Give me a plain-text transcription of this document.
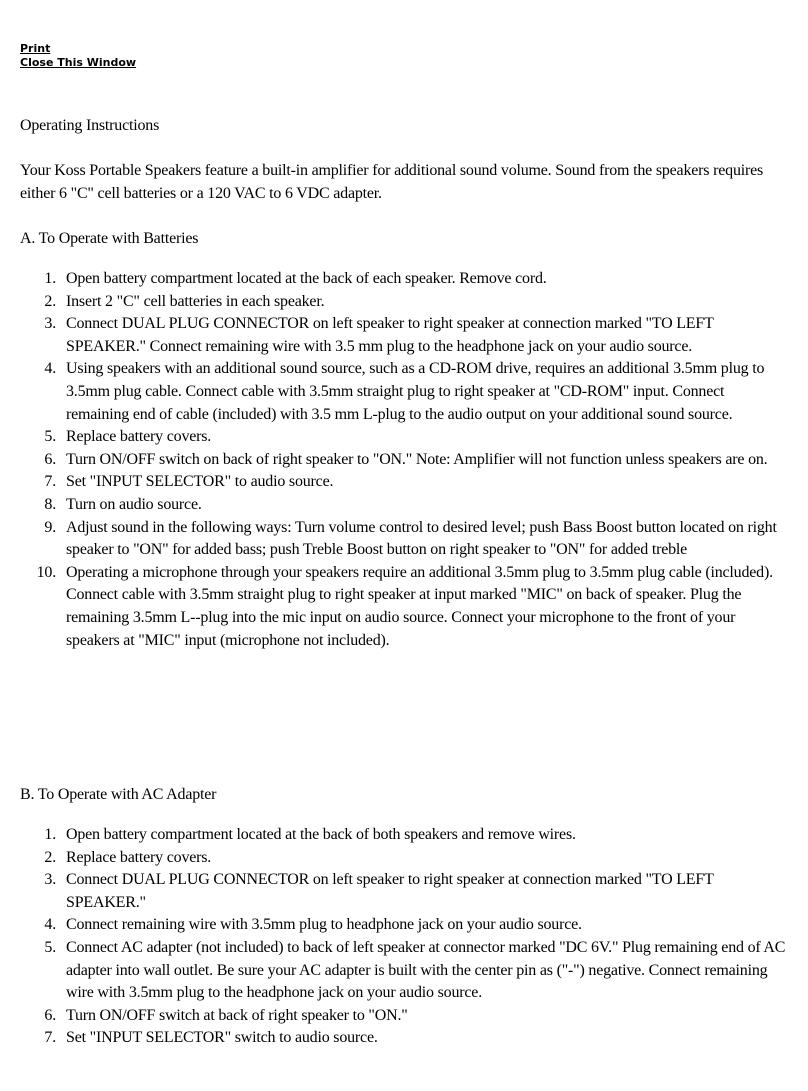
Print
Close This Window

Operating Instructions

Your Koss Portable Speakers feature a built-in amplifier for additional sound volume. Sound from the speakers requires either 6 "C" cell batteries or a 120 VAC to 6 VDC adapter.

A. To Operate with Batteries

1. Open battery compartment located at the back of each speaker. Remove cord.
2. Insert 2 "C" cell batteries in each speaker.
3. Connect DUAL PLUG CONNECTOR on left speaker to right speaker at connection marked "TO LEFT SPEAKER." Connect remaining wire with 3.5 mm plug to the headphone jack on your audio source.
4. Using speakers with an additional sound source, such as a CD-ROM drive, requires an additional 3.5mm plug to 3.5mm plug cable. Connect cable with 3.5mm straight plug to right speaker at "CD-ROM" input. Connect remaining end of cable (included) with 3.5 mm L-plug to the audio output on your additional sound source.
5. Replace battery covers.
6. Turn ON/OFF switch on back of right speaker to "ON." Note: Amplifier will not function unless speakers are on.
7. Set "INPUT SELECTOR" to audio source.
8. Turn on audio source.
9. Adjust sound in the following ways: Turn volume control to desired level; push Bass Boost button located on right speaker to "ON" for added bass; push Treble Boost button on right speaker to "ON" for added treble
10. Operating a microphone through your speakers require an additional 3.5mm plug to 3.5mm plug cable (included). Connect cable with 3.5mm straight plug to right speaker at input marked "MIC" on back of speaker. Plug the remaining 3.5mm L--plug into the mic input on audio source. Connect your microphone to the front of your speakers at "MIC" input (microphone not included).

B. To Operate with AC Adapter

1. Open battery compartment located at the back of both speakers and remove wires.
2. Replace battery covers.
3. Connect DUAL PLUG CONNECTOR on left speaker to right speaker at connection marked "TO LEFT SPEAKER."
4. Connect remaining wire with 3.5mm plug to headphone jack on your audio source.
5. Connect AC adapter (not included) to back of left speaker at connector marked "DC 6V." Plug remaining end of AC adapter into wall outlet. Be sure your AC adapter is built with the center pin as ("-") negative. Connect remaining wire with 3.5mm plug to the headphone jack on your audio source.
6. Turn ON/OFF switch at back of right speaker to "ON."
7. Set "INPUT SELECTOR" switch to audio source.
